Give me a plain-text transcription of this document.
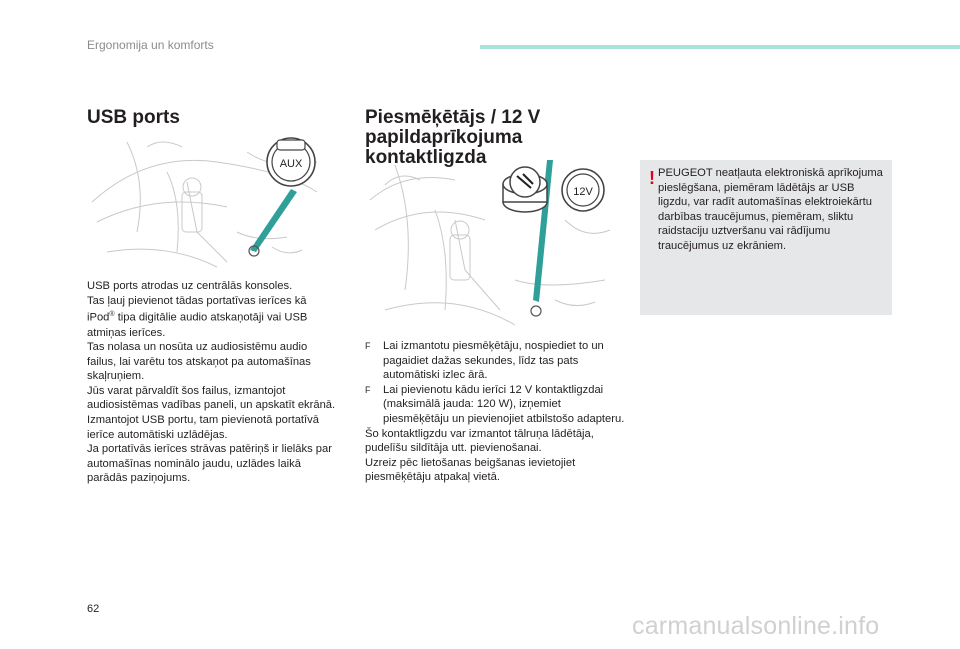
Ergonomija un komforts
USB ports
AUX

USB ports atrodas uz centrālās konsoles.

Tas ļauj pievienot tādas portatīvas ierīces kā

iPod® tipa digitālie audio atskaņotāji vai USB atmiņas ierīces.

Tas nolasa un nosūta uz audiosistēmu audio failus, lai varētu tos atskaņot pa automašīnas skaļruņiem.

Jūs varat pārvaldīt šos failus, izmantojot audiosistēmas vadības paneli, un apskatīt ekrānā.

Izmantojot USB portu, tam pievienotā portatīvā ierīce automātiski uzlādējas.

Ja portatīvās ierīces strāvas patēriņš ir lielāks par automašīnas nominālo jaudu, uzlādes laikā parādās paziņojums.

Piesmēķētājs / 12 V papildaprīkojuma kontaktligzda
12V

F Lai izmantotu piesmēķētāju, nospiediet to un pagaidiet dažas sekundes, līdz tas pats automātiski izlec ārā.

F Lai pievienotu kādu ierīci 12 V kontaktligzdai (maksimālā jauda: 120 W), izņemiet piesmēķētāju un pievienojiet atbilstošo adapteru.

Šo kontaktligzdu var izmantot tālruņa lādētāja, pudelīšu sildītāja utt. pievienošanai.

Uzreiz pēc lietošanas beigšanas ievietojiet piesmēķētāju atpakaļ vietā.

! PEUGEOT neatļauta elektroniskā aprīkojuma pieslēgšana, piemēram lādētājs ar USB ligzdu, var radīt automašīnas elektroiekārtu darbības traucējumus, piemēram, sliktu raidstaciju uztveršanu vai rādījumu traucējumus uz ekrāniem.
62
carmanualsonline.info
